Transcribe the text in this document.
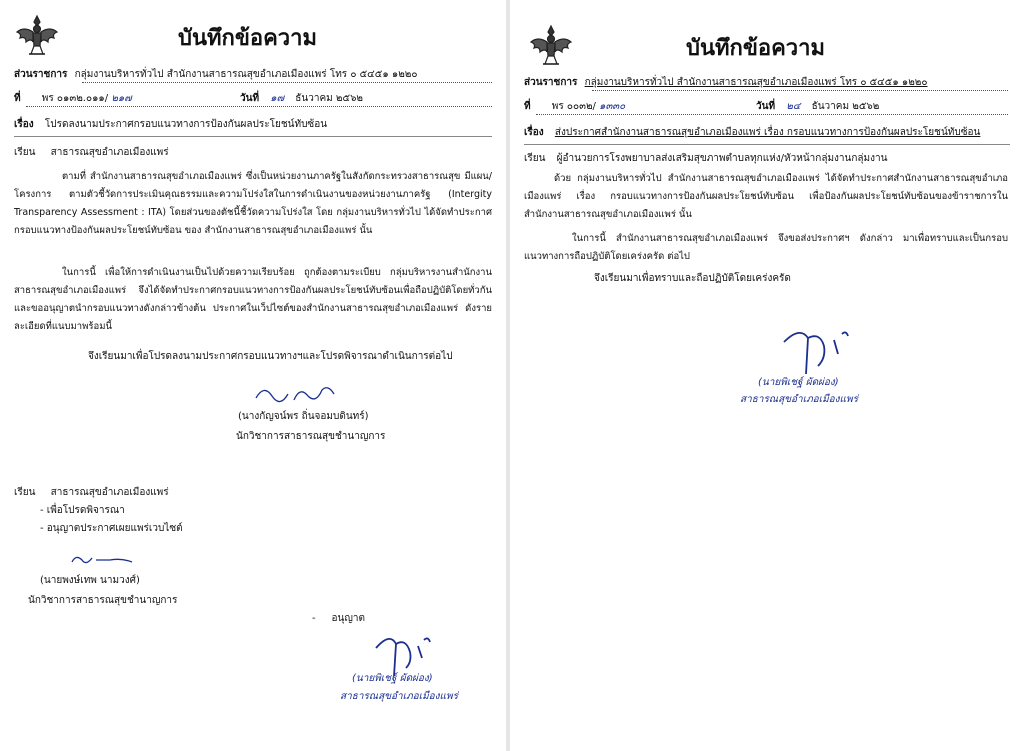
บันทึกข้อความ
ส่วนราชการ กลุ่มงานบริหารทั่วไป สำนักงานสาธารณสุขอำเภอเมืองแพร่ โทร ๐ ๕๔๕๑ ๑๒๒๐
ที่ พร ๐๑๓๒.๐๑๑/ ๒๑๗	วันที่ ๑๗ ธันวาคม ๒๕๖๒
เรื่อง โปรดลงนามประกาศกรอบแนวทางการป้องกันผลประโยชน์ทับซ้อน
เรียน สาธารณสุขอำเภอเมืองแพร่

ตามที่ สำนักงานสาธารณสุขอำเภอเมืองแพร่ ซึ่งเป็นหน่วยงานภาครัฐในสังกัดกระทรวงสาธารณสุข มีแผน/โครงการ ตามตัวชี้วัดการประเมินคุณธรรมและความโปร่งใสในการดำเนินงานของหน่วยงานภาครัฐ (Intergity Transparency Assessment : ITA) โดยส่วนของตัชนี้ชี้วัดความโปร่งใส โดย กลุ่มงานบริหารทั่วไป ได้จัดทำประกาศกรอบแนวทางป้องกันผลประโยชน์ทับซ้อน ของ สำนักงานสาธารณสุขอำเภอเมืองแพร่ นั้น

ในการนี้ เพื่อให้การดำเนินงานเป็นไปด้วยความเรียบร้อย ถูกต้องตามระเบียบ กลุ่มบริหารงานสำนักงานสาธารณสุขอำเภอเมืองแพร่ จึงได้จัดทำประกาศกรอบแนวทางการป้องกันผลประโยชน์ทับซ้อนเพื่อถือปฏิบัติโดยทั่วกัน และขออนุญาตนำกรอบแนวทางดังกล่าวข้างต้น ประกาศในเว็ปไซต์ของสำนักงานสาธารณสุขอำเภอเมืองแพร่ ดังรายละเอียดที่แนบมาพร้อมนี้

จึงเรียนมาเพื่อโปรดลงนามประกาศกรอบแนวทางฯและโปรดพิจารณาดำเนินการต่อไป
(นางกัญจน์พร ถิ่นจอมบดินทร์)
นักวิชาการสาธารณสุขชำนาญการ
เรียน สาธารณสุขอำเภอเมืองแพร่
- เพื่อโปรดพิจารณา
- อนุญาตประกาศเผยแพร่เวบไซต์
(นายพงษ์เทพ นามวงศ์)
นักวิชาการสาธารณสุขชำนาญการ
-     อนุญาต
(นายพิเชฐ์ ผัดผ่อง)
สาธารณสุขอำเภอเมืองแพร่
บันทึกข้อความ
ส่วนราชการ กลุ่มงานบริหารทั่วไป สำนักงานสาธารณสุขอำเภอเมืองแพร่ โทร ๐ ๕๔๕๑ ๑๒๒๐
ที่ พร ๐๐๓๒/ ๑๓๓๐	วันที่ ๒๔ ธันวาคม ๒๕๖๒
เรื่อง ส่งประกาศสำนักงานสาธารณสุขอำเภอเมืองแพร่ เรื่อง กรอบแนวทางการป้องกันผลประโยชน์ทับซ้อน
เรียน ผู้อำนวยการโรงพยาบาลส่งเสริมสุขภาพตำบลทุกแห่ง/หัวหน้ากลุ่มงานกลุ่มงาน

ด้วย กลุ่มงานบริหารทั่วไป สำนักงานสาธารณสุขอำเภอเมืองแพร่ ได้จัดทำประกาศสำนักงานสาธารณสุขอำเภอเมืองแพร่ เรื่อง กรอบแนวทางการป้องกันผลประโยชน์ทับซ้อน เพื่อป้องกันผลประโยชน์ทับซ้อนของข้าราชการในสำนักงานสาธารณสุขอำเภอเมืองแพร่ นั้น

ในการนี้ สำนักงานสาธารณสุขอำเภอเมืองแพร่ จึงขอส่งประกาศฯ ดังกล่าว มาเพื่อทราบและเป็นกรอบแนวทางการถือปฏิบัติโดยเคร่งครัด ต่อไป

จึงเรียนมาเพื่อทราบและถือปฏิบัติโดยเคร่งครัด
(นายพิเชฐ์ ผัดผ่อง)
สาธารณสุขอำเภอเมืองแพร่
